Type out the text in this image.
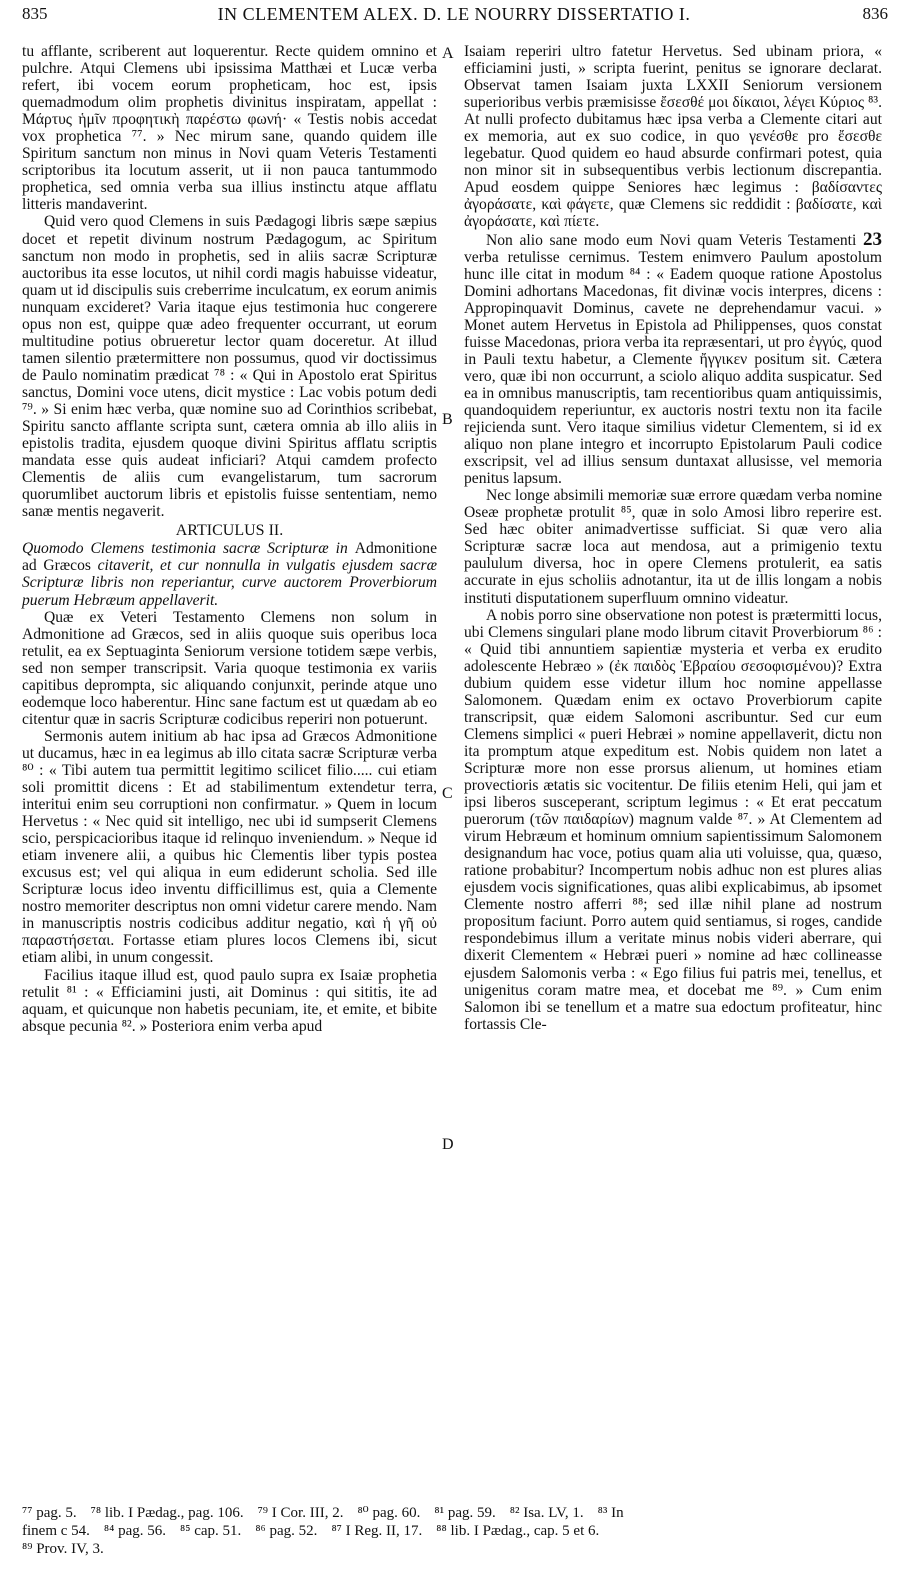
835	IN CLEMENTEM ALEX. D. LE NOURRY DISSERTATIO I.	836

tu afflante, scriberent aut loquerentur. Recte quidem omnino et pulchre. Atqui Clemens ubi ipsissima Matthæi et Lucæ verba refert, ibi vocem eorum propheticam, hoc est, ipsis quemadmodum olim prophetis divinitus inspiratam, appellat : Μάρτυς ἡμῖν προφητικὴ παρέστω φωνή· « Testis nobis accedat vox prophetica ⁷⁷. » Nec mirum sane, quando quidem ille Spiritum sanctum non minus in Novi quam Veteris Testamenti scriptoribus ita locutum asserit, ut ii non pauca tantummodo prophetica, sed omnia verba sua illius instinctu atque afflatu litteris mandaverint.

Quid vero quod Clemens in suis Pædagogi libris sæpe sæpius docet et repetit divinum nostrum Pædagogum, ac Spiritum sanctum non modo in prophetis, sed in aliis sacræ Scripturæ auctoribus ita esse locutos, ut nihil cordi magis habuisse videatur, quam ut id discipulis suis creberrime inculcatum, ex eorum animis nunquam excideret? Varia itaque ejus testimonia huc congerere opus non est, quippe quæ adeo frequenter occurrant, ut eorum multitudine potius obrueretur lector quam doceretur. At illud tamen silentio prætermittere non possumus, quod vir doctissimus de Paulo nominatim prædicat ⁷⁸ : « Qui in Apostolo erat Spiritus sanctus, Domini voce utens, dicit mystice : Lac vobis potum dedi ⁷⁹. » Si enim hæc verba, quæ nomine suo ad Corinthios scribebat, Spiritu sancto afflante scripta sunt, cætera omnia ab illo aliis in epistolis tradita, ejusdem quoque divini Spiritus afflatu scriptis mandata esse quis audeat inficiari? Atqui camdem profecto Clementis de aliis cum evangelistarum, tum sacrorum quorumlibet auctorum libris et epistolis fuisse sententiam, nemo sanæ mentis negaverit.

ARTICULUS II.

Quomodo Clemens testimonia sacræ Scripturæ in Admonitione ad Græcos citaverit, et cur nonnulla in vulgatis ejusdem sacræ Scripturæ libris non reperiantur, curve auctorem Proverbiorum puerum Hebræum appellaverit.

Quæ ex Veteri Testamento Clemens non solum in Admonitione ad Græcos, sed in aliis quoque suis operibus loca retulit, ea ex Septuaginta Seniorum versione totidem sæpe verbis, sed non semper transcripsit. Varia quoque testimonia ex variis capitibus deprompta, sic aliquando conjunxit, perinde atque uno eodemque loco haberentur. Hinc sane factum est ut quædam ab eo citentur quæ in sacris Scripturæ codicibus reperiri non potuerunt.

Sermonis autem initium ab hac ipsa ad Græcos Admonitione ut ducamus, hæc in ea legimus ab illo citata sacræ Scripturæ verba ⁸⁰ : « Tibi autem tua permittit legitimo scilicet filio..... cui etiam soli promittit dicens : Et ad stabilimentum extendetur terra, interitui enim seu corruptioni non confirmatur. » Quem in locum Hervetus : « Nec quid sit intelligo, nec ubi id sumpserit Clemens scio, perspicacioribus itaque id relinquo inveniendum. » Neque id etiam invenere alii, a quibus hic Clementis liber typis postea excusus est; vel qui aliqua in eum ediderunt scholia. Sed ille Scripturæ locus ideo inventu difficillimus est, quia a Clemente nostro memoriter descriptus non omni videtur carere mendo. Nam in manuscriptis nostris codicibus additur negatio, καὶ ἡ γῆ οὐ παραστήσεται. Fortasse etiam plures locos Clemens ibi, sicut etiam alibi, in unum congessit.

Facilius itaque illud est, quod paulo supra ex Isaiæ prophetia retulit ⁸¹ : « Efficiamini justi, ait Dominus : qui sititis, ite ad aquam, et quicunque non habetis pecuniam, ite, et emite, et bibite absque pecunia ⁸². » Posteriora enim verba apud

A
B
C
D

Isaiam reperiri ultro fatetur Hervetus. Sed ubinam priora, « efficiamini justi, » scripta fuerint, penitus se ignorare declarat. Observat tamen Isaiam juxta LXXII Seniorum versionem superioribus verbis præmisisse ἔσεσθέ μοι δίκαιοι, λέγει Κύριος ⁸³. At nulli profecto dubitamus hæc ipsa verba a Clemente citari aut ex memoria, aut ex suo codice, in quo γενέσθε pro ἔσεσθε legebatur. Quod quidem eo haud absurde confirmari potest, quia non minor sit in subsequentibus verbis lectionum discrepantia. Apud eosdem quippe Seniores hæc legimus : βαδίσαντες ἀγοράσατε, καὶ φάγετε, quæ Clemens sic reddidit : βαδίσατε, καὶ ἀγοράσατε, καὶ πίετε.

Non alio sane modo eum Novi quam Veteris Testamenti 23 verba retulisse cernimus. Testem enimvero Paulum apostolum hunc ille citat in modum ⁸⁴ : « Eadem quoque ratione Apostolus Domini adhortans Macedonas, fit divinæ vocis interpres, dicens : Appropinquavit Dominus, cavete ne deprehendamur vacui. » Monet autem Hervetus in Epistola ad Philippenses, quos constat fuisse Macedonas, priora verba ita repræsentari, ut pro ἐγγύς, quod in Pauli textu habetur, a Clemente ἤγγικεν positum sit. Cætera vero, quæ ibi non occurrunt, a sciolo aliquo addita suspicatur. Sed ea in omnibus manuscriptis, tam recentioribus quam antiquissimis, quandoquidem reperiuntur, ex auctoris nostri textu non ita facile rejicienda sunt. Vero itaque similius videtur Clementem, si id ex aliquo non plane integro et incorrupto Epistolarum Pauli codice exscripsit, vel ad illius sensum duntaxat allusisse, vel memoria penitus lapsum.

Nec longe absimili memoriæ suæ errore quædam verba nomine Oseæ prophetæ protulit ⁸⁵, quæ in solo Amosi libro reperire est. Sed hæc obiter animadvertisse sufficiat. Si quæ vero alia Scripturæ sacræ loca aut mendosa, aut a primigenio textu paululum diversa, hoc in opere Clemens protulerit, ea satis accurate in ejus scholiis adnotantur, ita ut de illis longam a nobis instituti disputationem superfluum omnino videatur.

A nobis porro sine observatione non potest is prætermitti locus, ubi Clemens singulari plane modo librum citavit Proverbiorum ⁸⁶ : « Quid tibi annuntiem sapientiæ mysteria et verba ex erudito adolescente Hebræo » (ἐκ παιδὸς Ἑβραίου σεσοφισμένου)? Extra dubium quidem esse videtur illum hoc nomine appellasse Salomonem. Quædam enim ex octavo Proverbiorum capite transcripsit, quæ eidem Salomoni ascribuntur. Sed cur eum Clemens simplici « pueri Hebræi » nomine appellaverit, dictu non ita promptum atque expeditum est. Nobis quidem non latet a Scripturæ more non esse prorsus alienum, ut homines etiam provectioris ætatis sic vocitentur. De filiis etenim Heli, qui jam et ipsi liberos susceperant, scriptum legimus : « Et erat peccatum puerorum (τῶν παιδαρίων) magnum valde ⁸⁷. » At Clementem ad virum Hebræum et hominum omnium sapientissimum Salomonem designandum hac voce, potius quam alia uti voluisse, qua, quæso, ratione probabitur? Incompertum nobis adhuc non est plures alias ejusdem vocis significationes, quas alibi explicabimus, ab ipsomet Clemente nostro afferri ⁸⁸; sed illæ nihil plane ad nostrum propositum faciunt. Porro autem quid sentiamus, si roges, candide respondebimus illum a veritate minus nobis videri aberrare, qui dixerit Clementem « Hebræi pueri » nomine ad hæc collineasse ejusdem Salomonis verba : « Ego filius fui patris mei, tenellus, et unigenitus coram matre mea, et docebat me ⁸⁹. » Cum enim Salomon ibi se tenellum et a matre sua edoctum profiteatur, hinc fortassis Cle-

⁷⁷ pag. 5. ⁷⁸ lib. I Pædag., pag. 106. ⁷⁹ I Cor. III, 2. ⁸⁰ pag. 60. ⁸¹ pag. 59. ⁸² Isa. LV, 1. ⁸³ In
finem c 54. ⁸⁴ pag. 56. ⁸⁵ cap. 51. ⁸⁶ pag. 52. ⁸⁷ I Reg. II, 17. ⁸⁸ lib. I Pædag., cap. 5 et 6.
⁸⁹ Prov. IV, 3.
